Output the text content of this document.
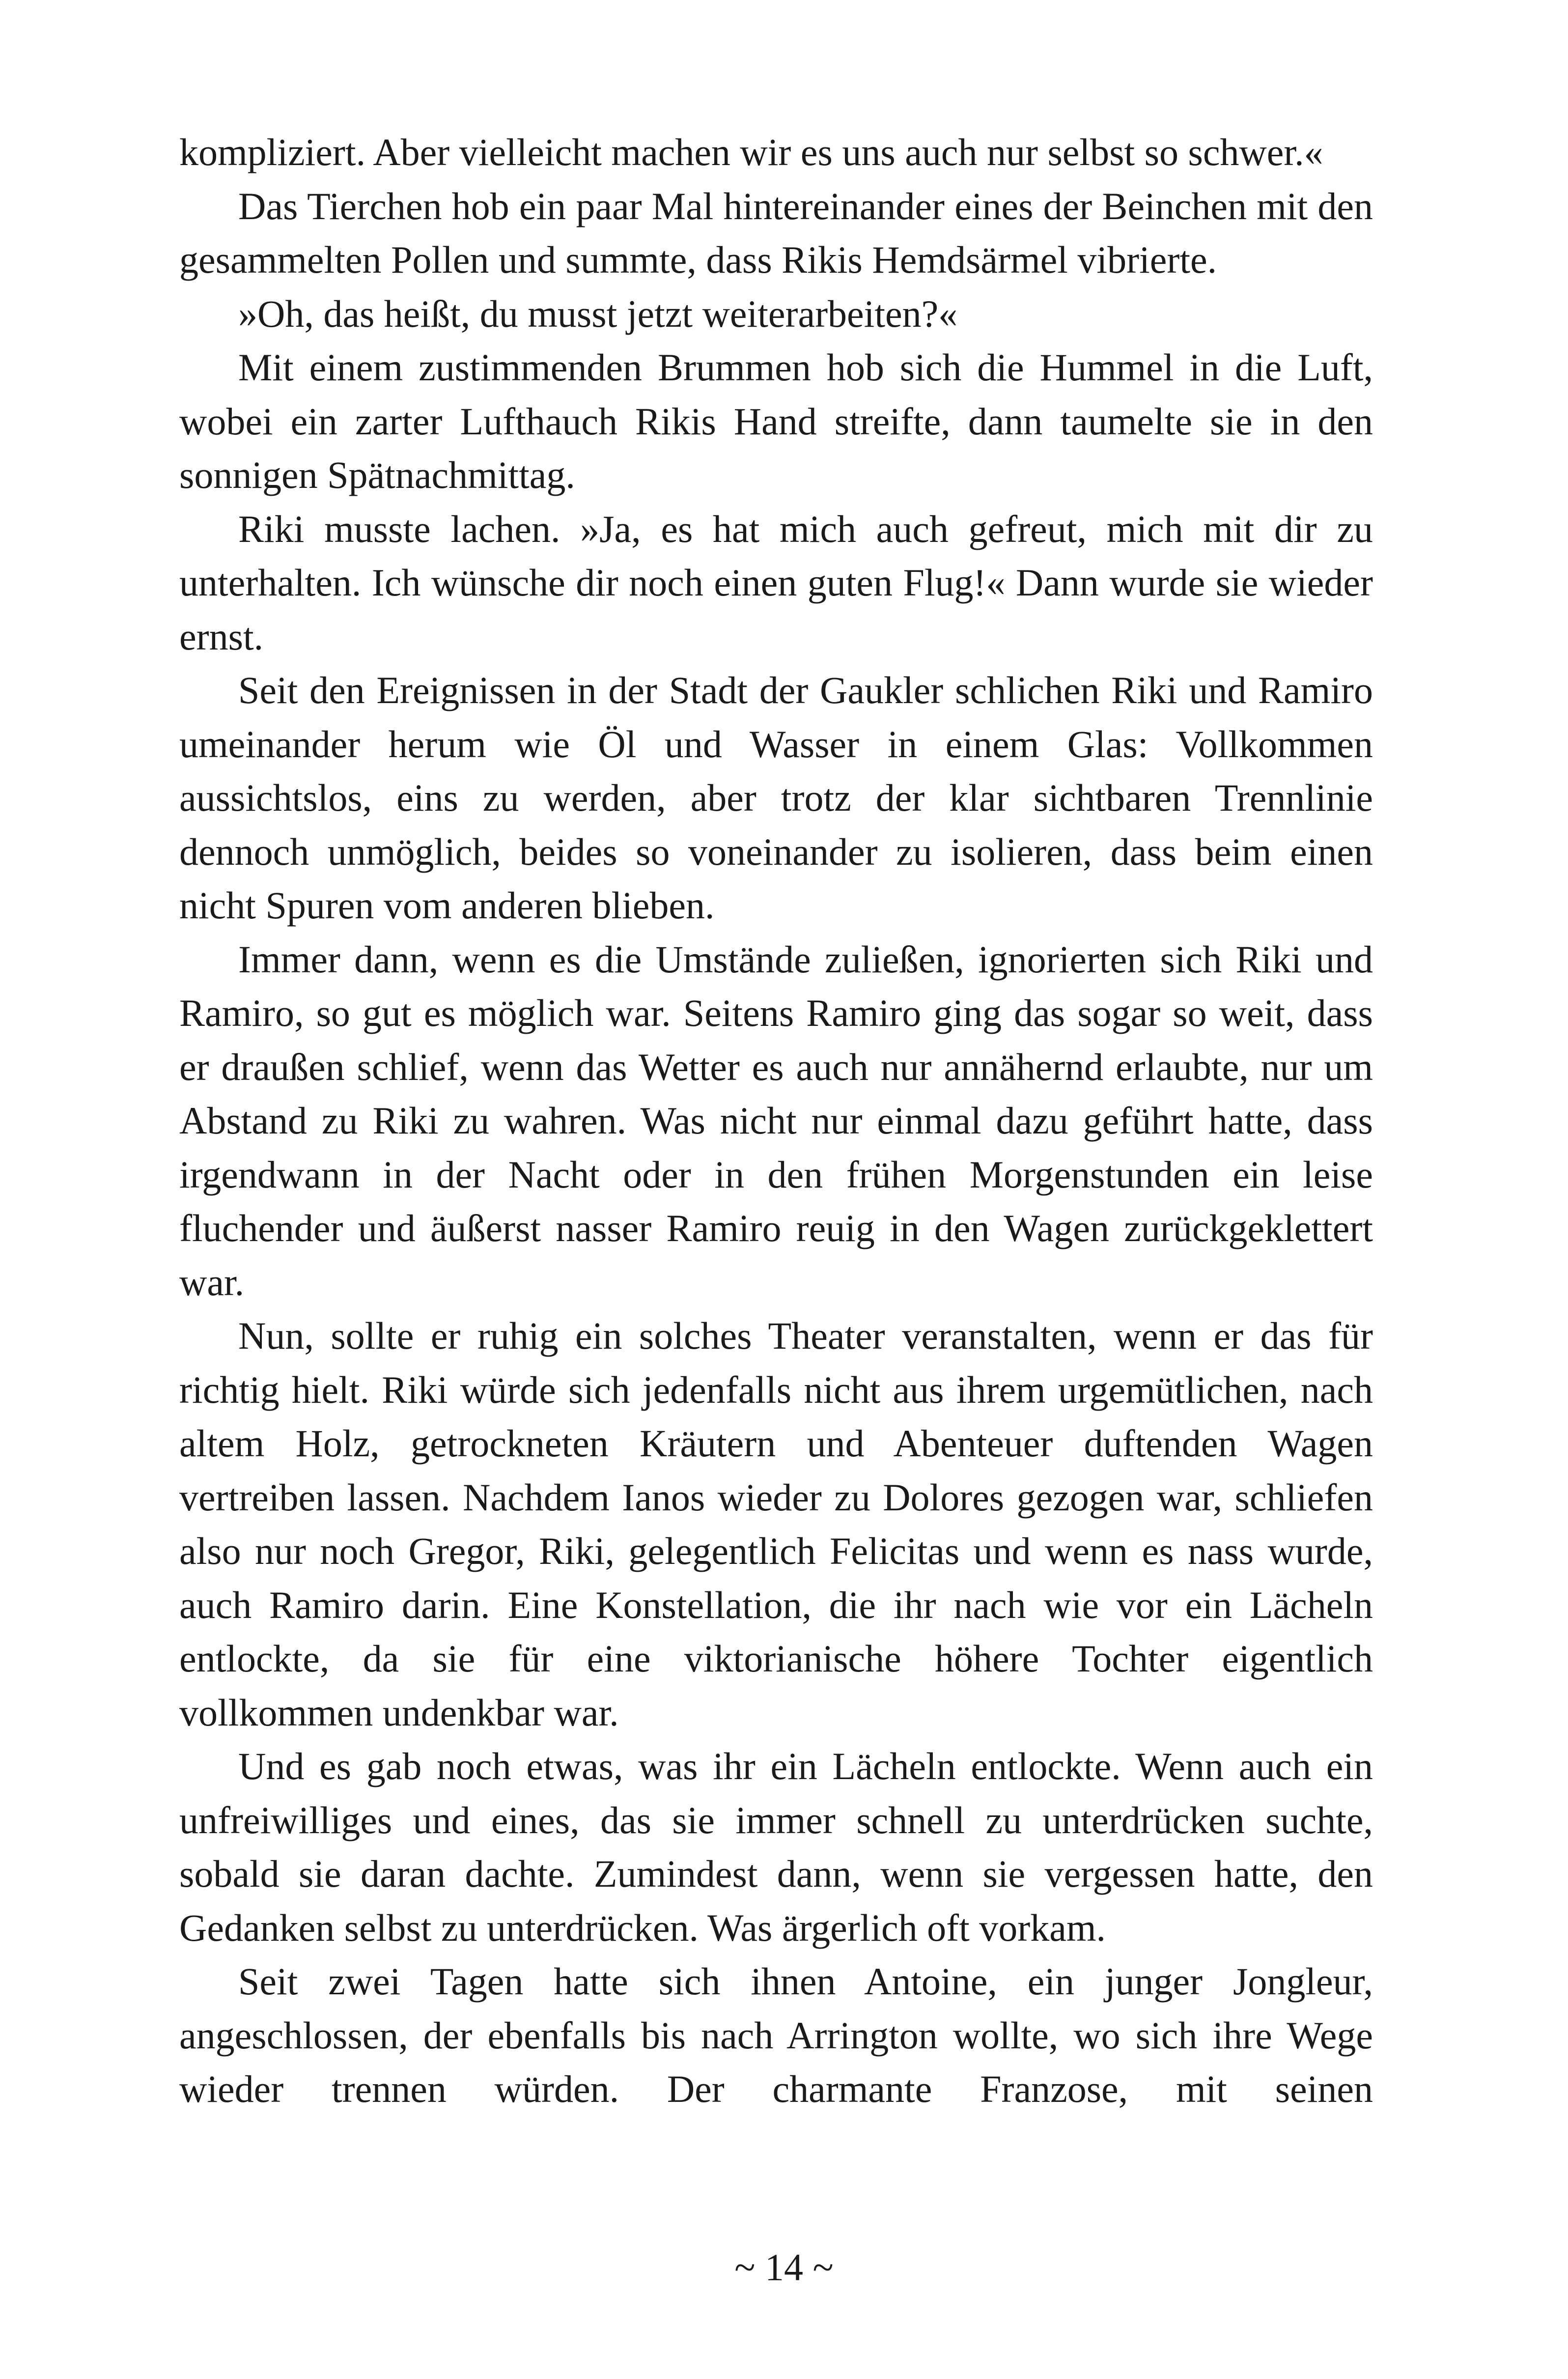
kompliziert. Aber vielleicht machen wir es uns auch nur selbst so schwer.«

Das Tierchen hob ein paar Mal hintereinander eines der Beinchen mit den gesammelten Pollen und summte, dass Rikis Hemdsärmel vibrierte.

»Oh, das heißt, du musst jetzt weiterarbeiten?«

Mit einem zustimmenden Brummen hob sich die Hummel in die Luft, wobei ein zarter Lufthauch Rikis Hand streifte, dann taumelte sie in den sonnigen Spätnachmittag.

Riki musste lachen. »Ja, es hat mich auch gefreut, mich mit dir zu unterhalten. Ich wünsche dir noch einen guten Flug!« Dann wurde sie wieder ernst.

Seit den Ereignissen in der Stadt der Gaukler schlichen Riki und Ramiro umeinander herum wie Öl und Wasser in einem Glas: Vollkommen aussichtslos, eins zu werden, aber trotz der klar sichtbaren Trennlinie dennoch unmöglich, beides so voneinander zu isolieren, dass beim einen nicht Spuren vom anderen blieben.

Immer dann, wenn es die Umstände zuließen, ignorierten sich Riki und Ramiro, so gut es möglich war. Seitens Ramiro ging das sogar so weit, dass er draußen schlief, wenn das Wetter es auch nur annähernd erlaubte, nur um Abstand zu Riki zu wahren. Was nicht nur einmal dazu geführt hatte, dass irgendwann in der Nacht oder in den frühen Morgenstunden ein leise fluchender und äußerst nasser Ramiro reuig in den Wagen zurückgeklettert war.

Nun, sollte er ruhig ein solches Theater veranstalten, wenn er das für richtig hielt. Riki würde sich jedenfalls nicht aus ihrem urgemütlichen, nach altem Holz, getrockneten Kräutern und Abenteuer duftenden Wagen vertreiben lassen. Nachdem Ianos wieder zu Dolores gezogen war, schliefen also nur noch Gregor, Riki, gelegentlich Felicitas und wenn es nass wurde, auch Ramiro darin. Eine Konstellation, die ihr nach wie vor ein Lächeln entlockte, da sie für eine viktorianische höhere Tochter eigentlich vollkommen undenkbar war.

Und es gab noch etwas, was ihr ein Lächeln entlockte. Wenn auch ein unfreiwilliges und eines, das sie immer schnell zu unterdrücken suchte, sobald sie daran dachte. Zumindest dann, wenn sie vergessen hatte, den Gedanken selbst zu unterdrücken. Was ärgerlich oft vorkam.

Seit zwei Tagen hatte sich ihnen Antoine, ein junger Jongleur, angeschlossen, der ebenfalls bis nach Arrington wollte, wo sich ihre Wege wieder trennen würden. Der charmante Franzose, mit seinen

~ 14 ~
